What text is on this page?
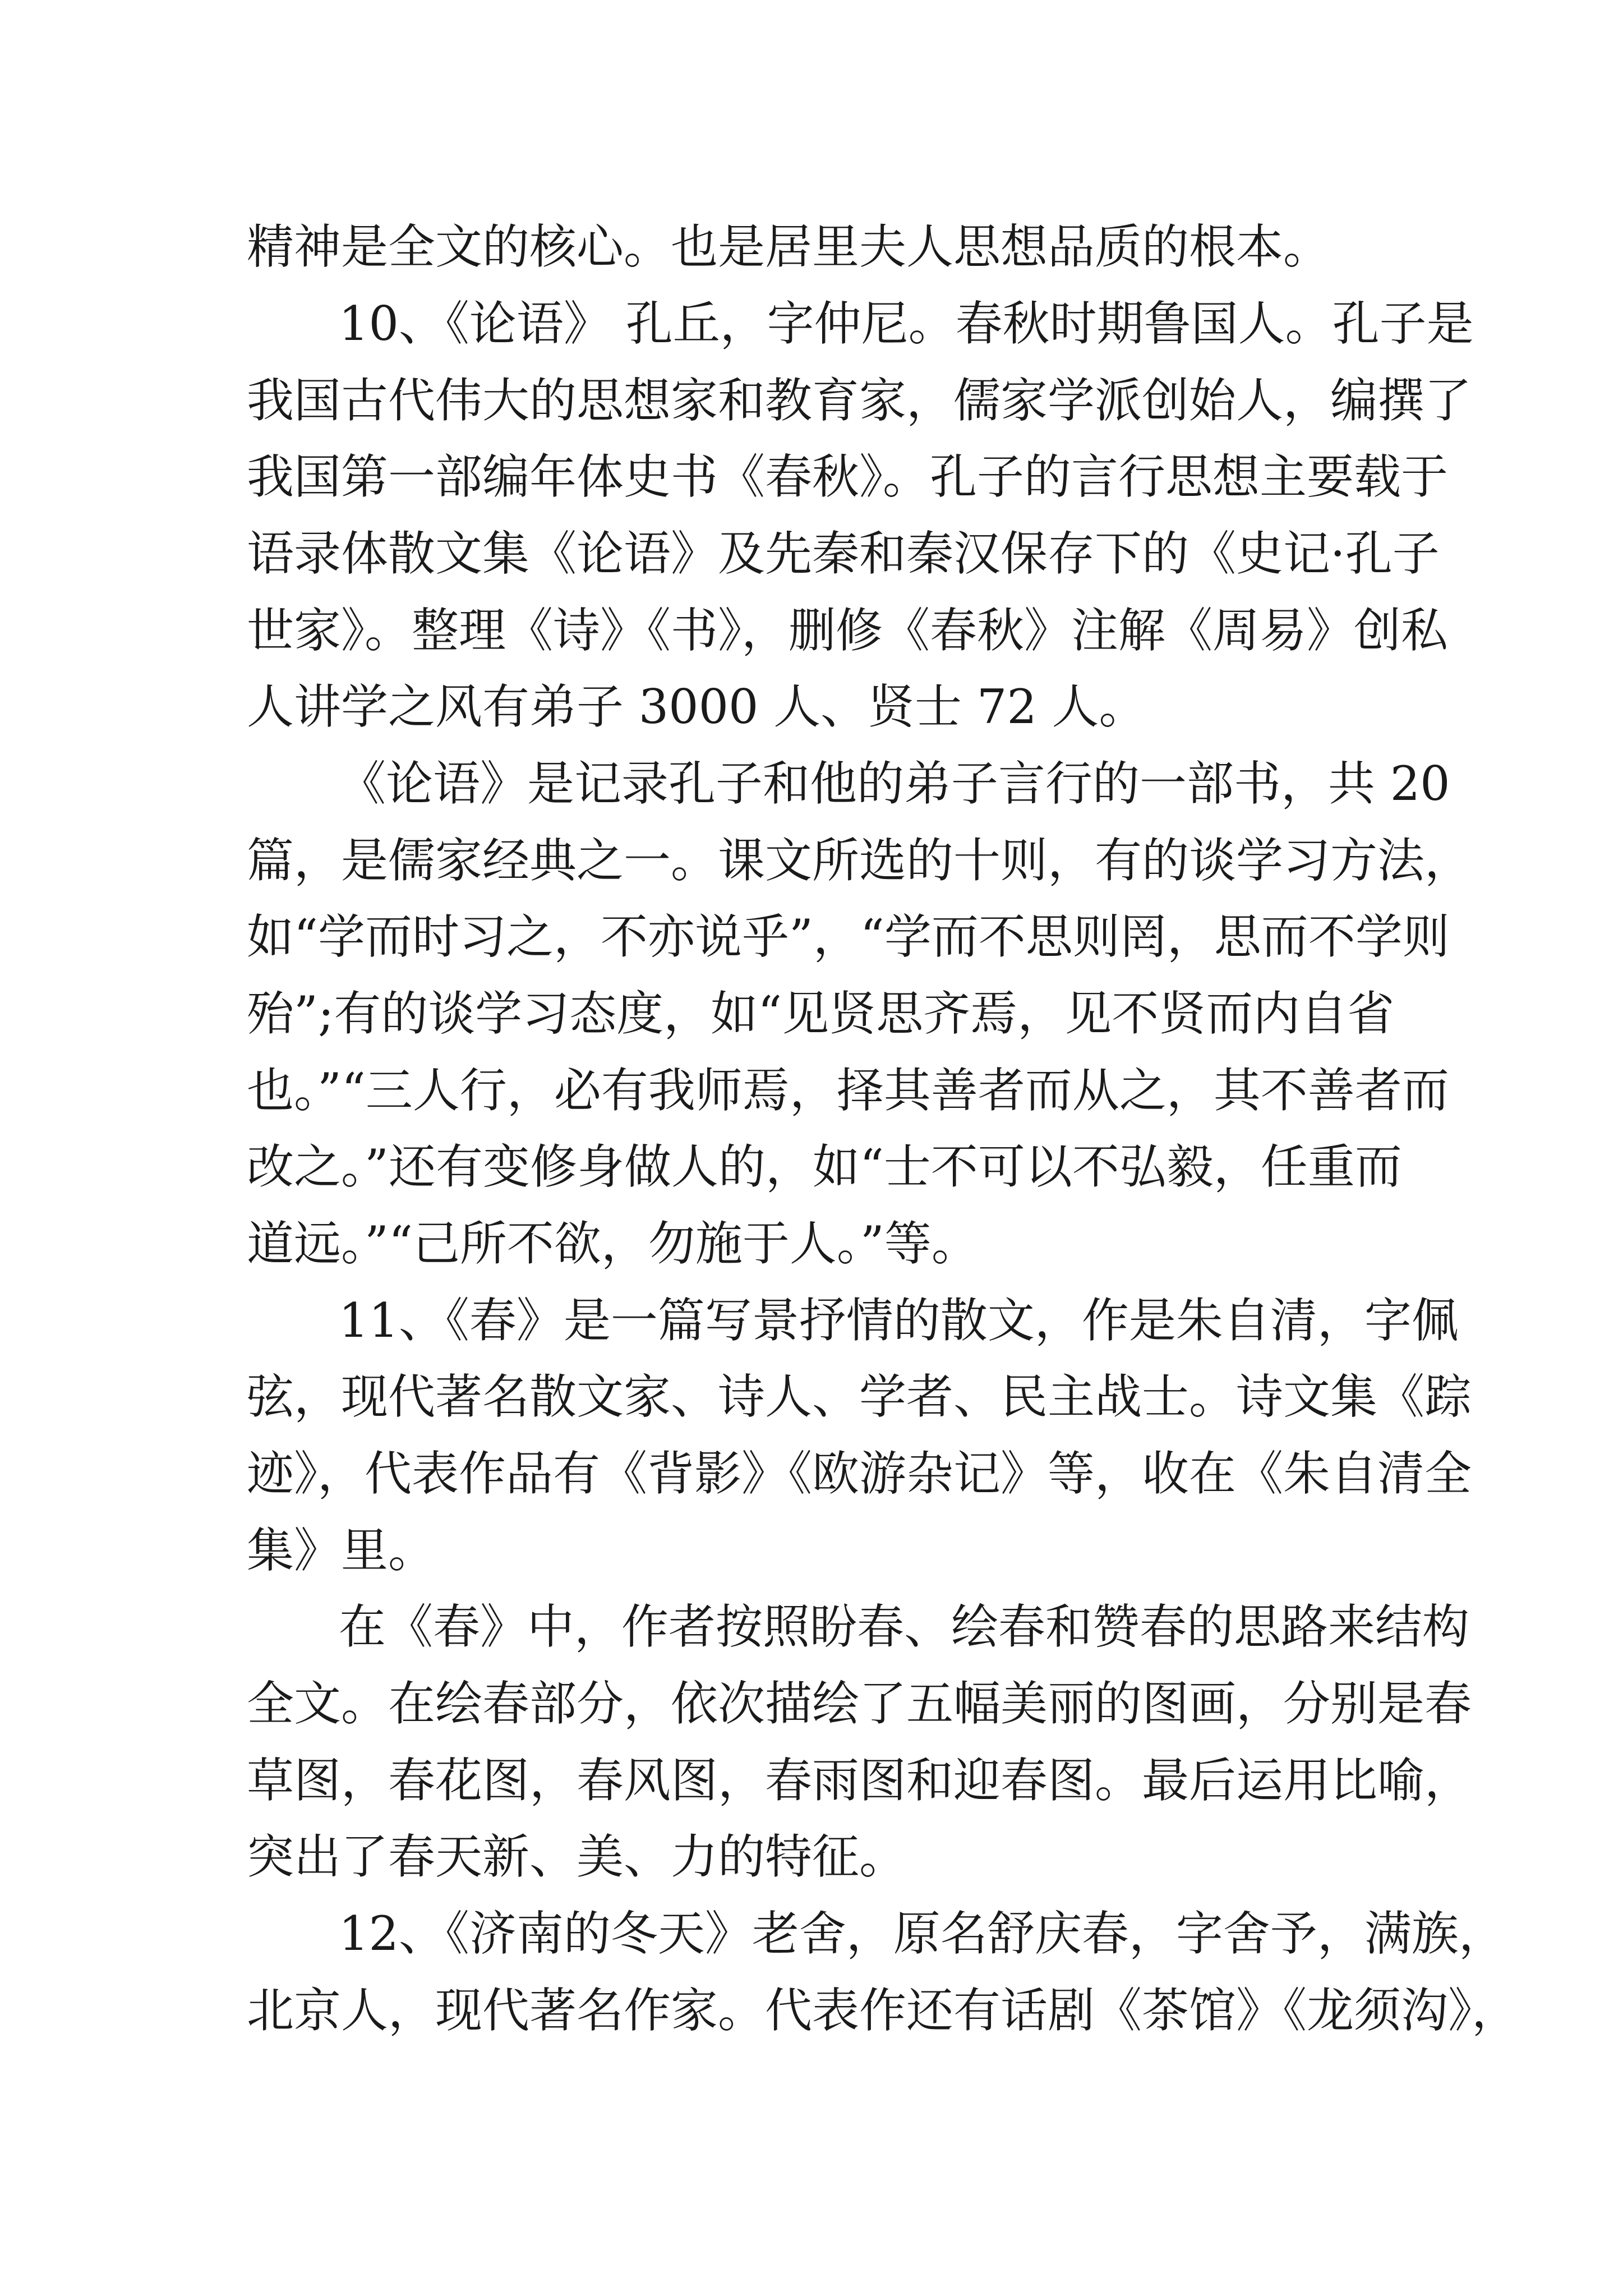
精神是全文的核心。也是居里夫人思想品质的根本。
10、《论语》 孔丘，字仲尼。春秋时期鲁国人。孔子是
我国古代伟大的思想家和教育家，儒家学派创始人，编撰了
我国第一部编年体史书《春秋》。孔子的言行思想主要载于
语录体散文集《论语》及先秦和秦汉保存下的《史记·孔子
世家》。整理《诗》《书》，删修《春秋》注解《周易》创私
人讲学之风有弟子 3000 人、贤士 72 人。
《论语》是记录孔子和他的弟子言行的一部书，共 20
篇，是儒家经典之一。课文所选的十则，有的谈学习方法，
如“学而时习之，不亦说乎”，“学而不思则罔，思而不学则
殆”;有的谈学习态度，如“见贤思齐焉，见不贤而内自省
也。”“三人行，必有我师焉，择其善者而从之，其不善者而
改之。”还有变修身做人的，如“士不可以不弘毅，任重而
道远。”“己所不欲，勿施于人。”等。
11、《春》是一篇写景抒情的散文，作是朱自清，字佩
弦，现代著名散文家、诗人、学者、民主战士。诗文集《踪
迹》，代表作品有《背影》《欧游杂记》等，收在《朱自清全
集》里。
在《春》中，作者按照盼春、绘春和赞春的思路来结构
全文。在绘春部分，依次描绘了五幅美丽的图画，分别是春
草图，春花图，春风图，春雨图和迎春图。最后运用比喻，
突出了春天新、美、力的特征。
12、《济南的冬天》老舍，原名舒庆春，字舍予，满族，
北京人，现代著名作家。代表作还有话剧《茶馆》《龙须沟》，
